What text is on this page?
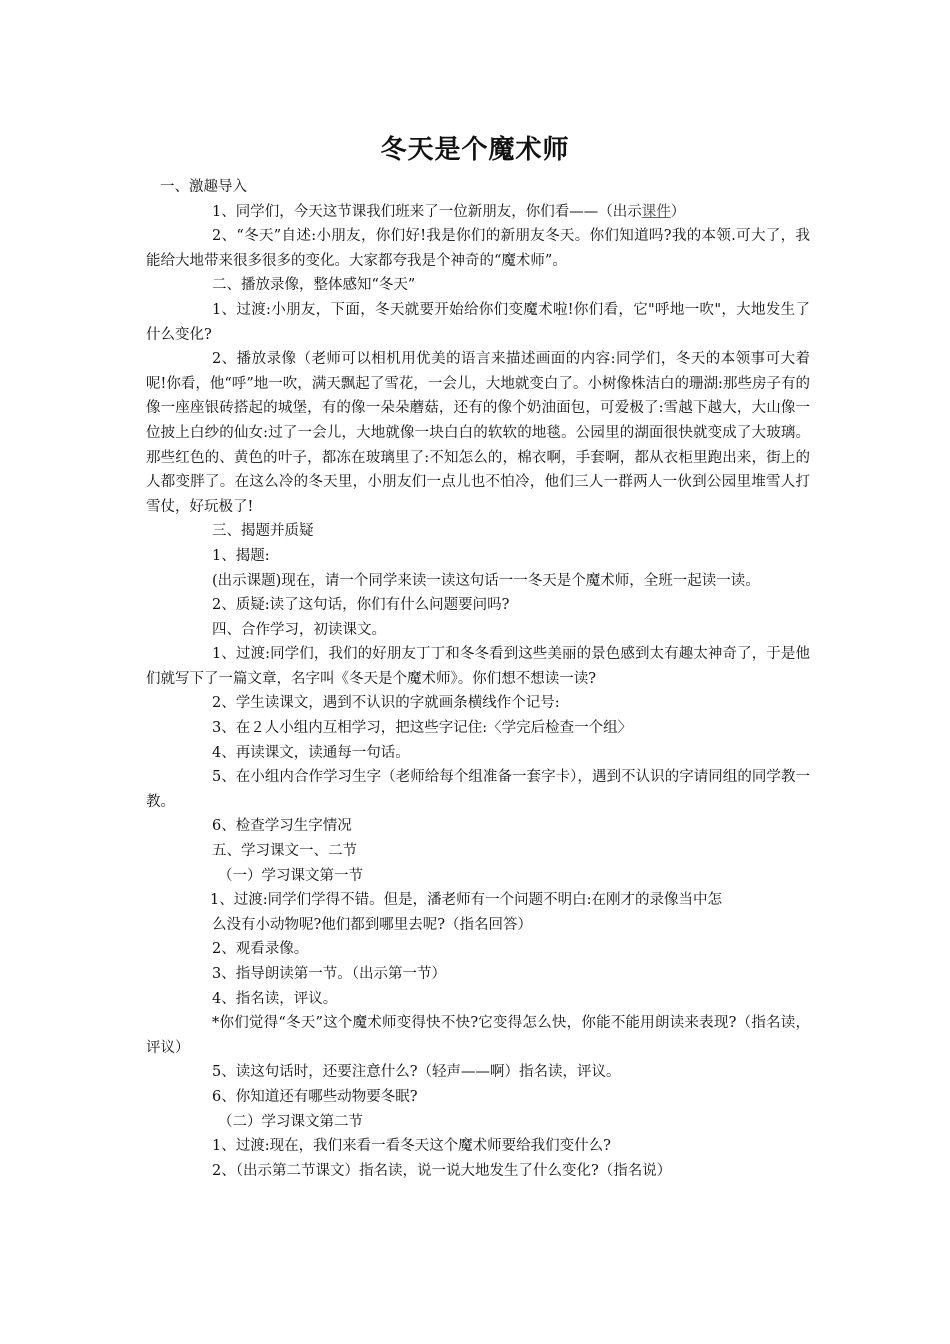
冬天是个魔术师

一、激趣导入

1、同学们，今天这节课我们班来了一位新朋友，你们看——（出示课件）

2、“冬天”自述:小朋友，你们好!我是你们的新朋友冬天。你们知道吗?我的本领.可大了，我能给大地带来很多很多的变化。大家都夸我是个神奇的“魔术师”。

二、播放录像，整体感知“冬天”

1、过渡:小朋友，下面，冬天就要开始给你们变魔术啦!你们看，它"呼地一吹"，大地发生了什么变化?

2、播放录像（老师可以相机用优美的语言来描述画面的内容:同学们，冬天的本领事可大着呢!你看，他“呼”地一吹，满天飘起了雪花，一会儿，大地就变白了。小树像株洁白的珊湖:那些房子有的像一座座银砖搭起的城堡，有的像一朵朵蘑菇，还有的像个奶油面包，可爱极了:雪越下越大，大山像一位披上白纱的仙女:过了一会儿，大地就像一块白白的软软的地毯。公园里的湖面很快就变成了大玻璃。那些红色的、黄色的叶子，都冻在玻璃里了:不知怎么的，棉衣啊，手套啊，都从衣柜里跑出来，街上的人都变胖了。在这么冷的冬天里，小朋友们一点儿也不怕冷，他们三人一群两人一伙到公园里堆雪人打雪仗，好玩极了!

三、揭题并质疑

1、揭题:

(出示课题)现在，请一个同学来读一读这句话一一冬天是个魔术师，全班一起读一读。

2、质疑:读了这句话，你们有什么问题要问吗?

四、合作学习，初读课文。

1、过渡:同学们，我们的好朋友丁丁和冬冬看到这些美丽的景色感到太有趣太神奇了，于是他们就写下了一篇文章，名字叫《冬天是个魔术师》。你们想不想读一读?

2、学生读课文，遇到不认识的字就画条横线作个记号:

3、在２人小组内互相学习，把这些字记住:〈学完后检查一个组〉

4、再读课文，读通每一句话。

5、在小组内合作学习生字（老师给每个组准备一套字卡），遇到不认识的字请同组的同学教一教。

6、检查学习生字情况

五、学习课文一、二节

（一）学习课文第一节

1、过渡:同学们学得不错。但是，潘老师有一个问题不明白:在刚才的录像当中怎

么没有小动物呢?他们都到哪里去呢?（指名回答）

2、观看录像。

3、指导朗读第一节。（出示第一节）

4、指名读，评议。

*你们觉得“冬天”这个魔术师变得快不快?它变得怎么快，你能不能用朗读来表现?（指名读，评议）

5、读这句话时，还要注意什么?（轻声——啊）指名读，评议。

6、你知道还有哪些动物要冬眠?

（二）学习课文第二节

1、过渡:现在，我们来看一看冬天这个魔术师要给我们变什么?

2、（出示第二节课文）指名读，说一说大地发生了什么变化?（指名说）
